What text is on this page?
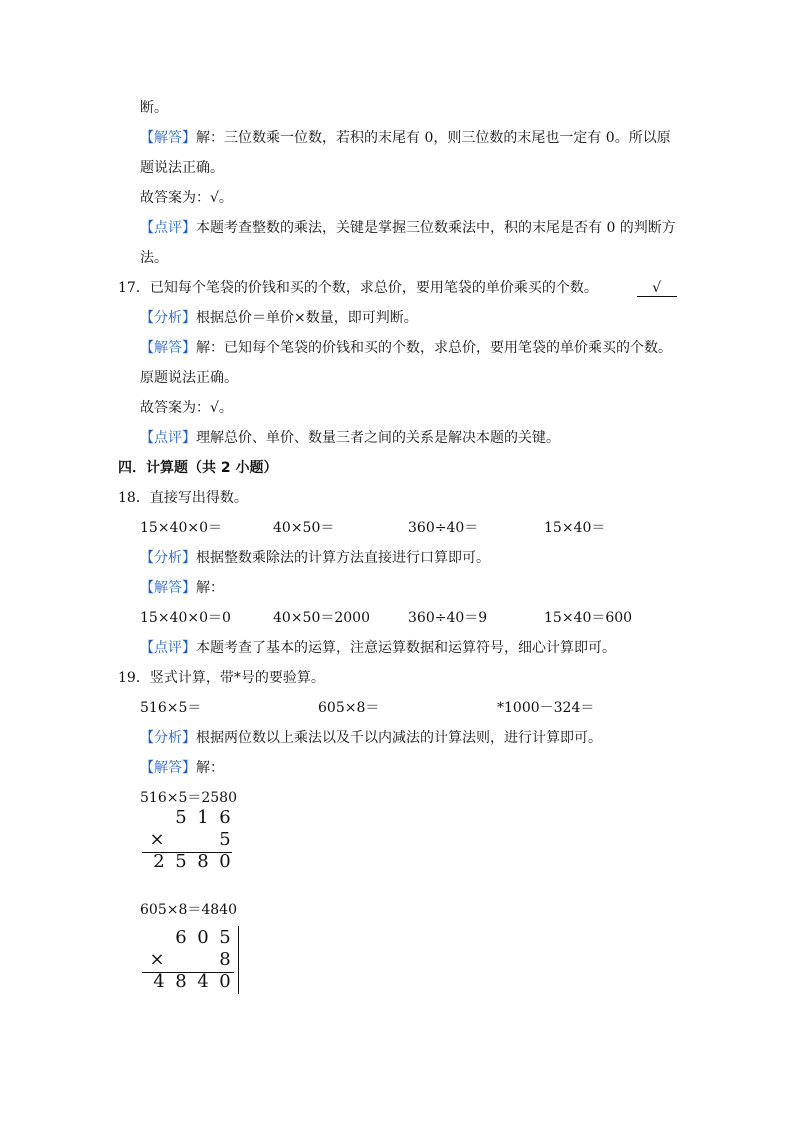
断。
【解答】解：三位数乘一位数，若积的末尾有 0，则三位数的末尾也一定有 0。所以原
题说法正确。
故答案为：√。
【点评】本题考查整数的乘法，关键是掌握三位数乘法中，积的末尾是否有 0 的判断方
法。
17．已知每个笔袋的价钱和买的个数，求总价，要用笔袋的单价乘买的个数。	√
【分析】根据总价＝单价×数量，即可判断。
【解答】解：已知每个笔袋的价钱和买的个数，求总价，要用笔袋的单价乘买的个数。
原题说法正确。
故答案为：√。
【点评】理解总价、单价、数量三者之间的关系是解决本题的关键。
四．计算题（共 2 小题）
18．直接写出得数。
15×40×0＝	40×50＝	360÷40＝	15×40＝
【分析】根据整数乘除法的计算方法直接进行口算即可。
【解答】解：
15×40×0＝0	40×50＝2000	360÷40＝9	15×40＝600
【点评】本题考查了基本的运算，注意运算数据和运算符号，细心计算即可。
19．竖式计算，带*号的要验算。
516×5＝	605×8＝	*1000－324＝
【分析】根据两位数以上乘法以及千以内减法的计算法则，进行计算即可。
【解答】解：
516×5＝2580
5 1 6
×	5
2 5 8 0
605×8＝4840
6 0 5
×	8
4 8 4 0
